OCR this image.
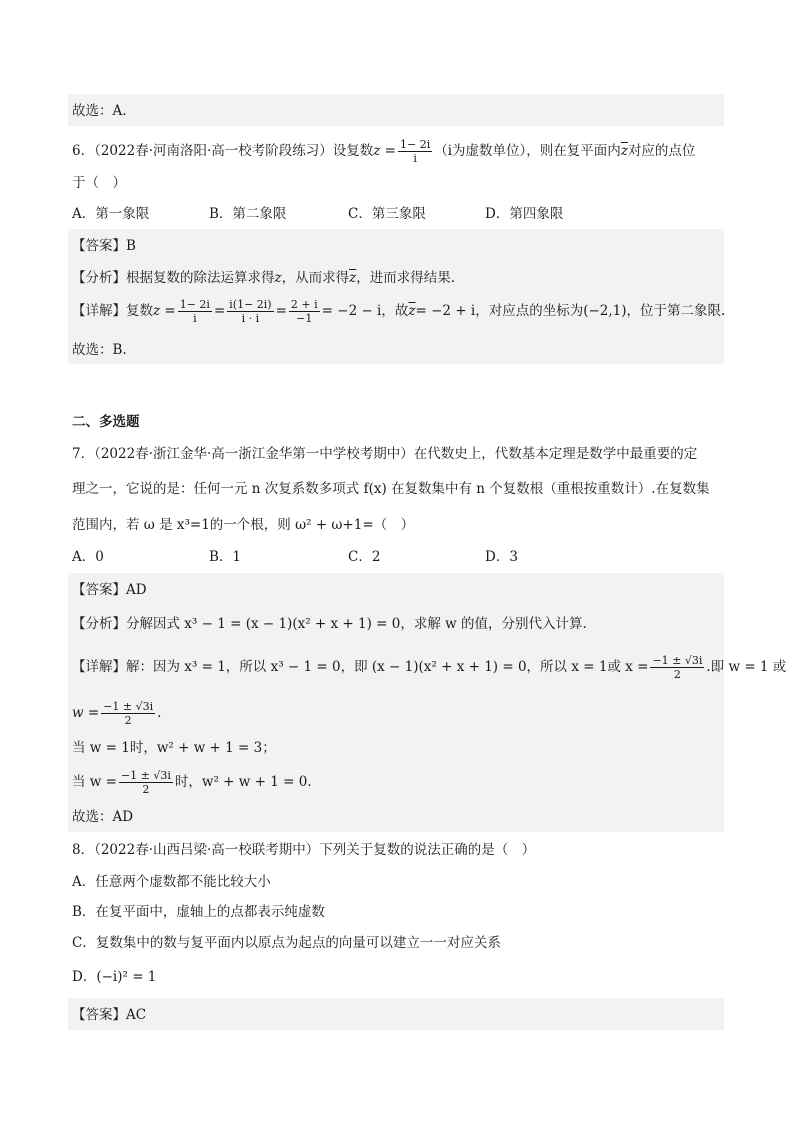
故选：A.
6．（2022春·河南洛阳·高一校考阶段练习）设复数$z = \frac{1- 2i}{i} (i$为虚数单位），则在复平面内$\overline{z}$对应的点位
于（　）
A．第一象限	B．第二象限	C．第三象限	D．第四象限
【答案】B
【分析】根据复数的除法运算求得z，从而求得$\overline{z}$，进而求得结果.
【详解】复数$z = \frac{1- 2i}{i} = \frac{i(1- 2i)}{i \cdot i} = \frac{2 + i}{-1} = -2 - i$，故$\overline{z}= -2 + i$，对应点的坐标为(−2,1)，位于第二象限.
故选：B.
二、多选题
7．（2022春·浙江金华·高一浙江金华第一中学校考期中）在代数史上，代数基本定理是数学中最重要的定
理之一，它说的是：任何一元 n 次复系数多项式 f(x) 在复数集中有 n 个复数根（重根按重数计）.在复数集
范围内，若 ω 是 x³=1的一个根，则 ω² + ω+1=（　）
A．0	B．1	C．2	D．3
【答案】AD
【分析】分解因式 x³ − 1 = (x − 1)(x² + x + 1) = 0，求解 w 的值，分别代入计算.
【详解】解：因为 x³ = 1，所以 x³ − 1 = 0，即 (x − 1)(x² + x + 1) = 0，所以 x = 1或 $x = \frac{-1 \pm √3i}{2}$ .即 w = 1 或
$w = \frac{-1 \pm √3i}{2}$ .
当 w = 1时，w² + w + 1 = 3；
当 $w = \frac{-1 \pm √3i}{2}$ 时，w² + w + 1 = 0.
故选：AD
8．（2022春·山西吕梁·高一校联考期中）下列关于复数的说法正确的是（　）
A．任意两个虚数都不能比较大小
B．在复平面中，虚轴上的点都表示纯虚数
C．复数集中的数与复平面内以原点为起点的向量可以建立一一对应关系
D．(−i)² = 1
【答案】AC
